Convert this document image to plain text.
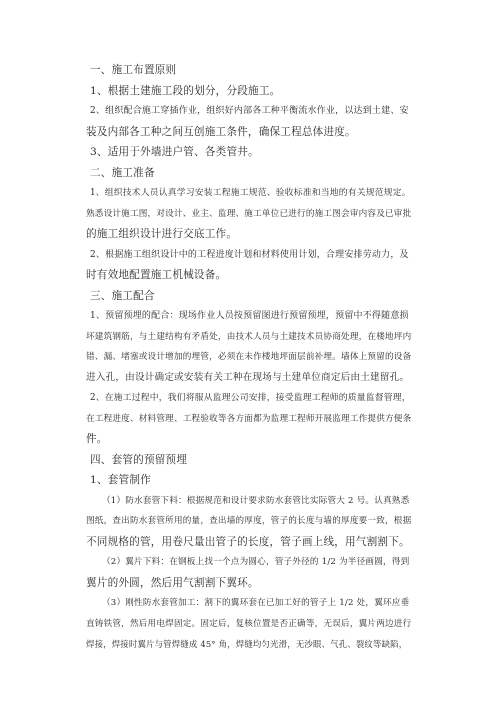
一、施工布置原则
1、根据土建施工段的划分，分段施工。
2、组织配合施工穿插作业，组织好内部各工种平衡流水作业，以达到土建、安
装及内部各工种之间互创施工条件，确保工程总体进度。
3、适用于外墙进户管、各类管井。
二、施工准备
1、组织技术人员认真学习安装工程施工规范、验收标准和当地的有关规范规定。
熟悉设计施工图，对设计、业主、监理、施工单位已进行的施工图会审内容及已审批
的施工组织设计进行交底工作。
2、根据施工组织设计中的工程进度计划和材料使用计划，合理安排劳动力，及
时有效地配置施工机械设备。
三、施工配合
1、预留预埋的配合：现场作业人员按预留图进行预留预埋，预留中不得随意损
坏建筑钢筋，与土建结构有矛盾处，由技术人员与土建技术员协商处理，在楼地坪内
错、漏、堵塞或设计增加的埋管，必须在未作楼地坪面层前补埋。墙体上预留的设备
进入孔，由设计确定或安装有关工种在现场与土建单位商定后由土建留孔。
2、在施工过程中，我们将服从监理公司安排，接受监理工程师的质量监督管理，
在工程进度、材料管理、工程验收等各方面都为监理工程师开展监理工作提供方便条
件。
四、套管的预留预埋
1、套管制作
（1）防水套管下料：根据规范和设计要求防水套管比实际管大 2 号。认真熟悉
图纸，查出防水套管所用的量，查出墙的厚度，管子的长度与墙的厚度要一致，根据
不同规格的管，用卷尺量出管子的长度，管子画上线，用气割割下。
（2）翼片下料：在钢板上找一个点为圆心，管子外径的 1/2 为半径画圆，得到
翼片的外圆，然后用气割割下翼环。
（3）刚性防水套管加工：割下的翼环套在已加工好的管子上 1/2 处，翼环应垂
直铸铁管，然后用电焊固定。固定后，复核位置是否正确等，无误后，翼片两边进行
焊接，焊接时翼片与管焊缝成 45° 角，焊缝均匀光滑，无沙眼、气孔、裂纹等缺陷，
